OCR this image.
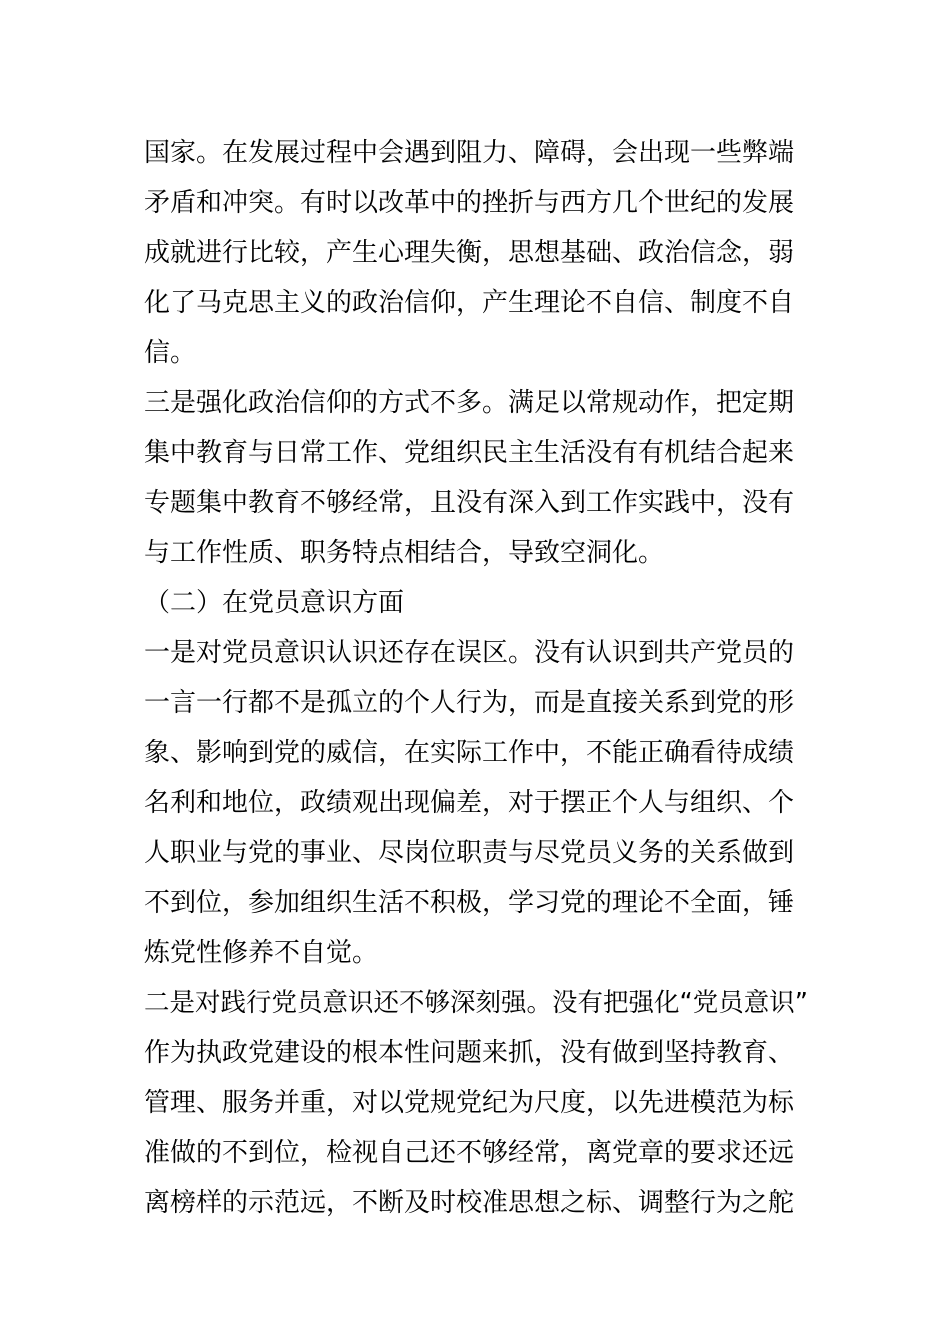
国家。在发展过程中会遇到阻力、障碍，会出现一些弊端
矛盾和冲突。有时以改革中的挫折与西方几个世纪的发展
成就进行比较，产生心理失衡，思想基础、政治信念，弱
化了马克思主义的政治信仰，产生理论不自信、制度不自
信。
三是强化政治信仰的方式不多。满足以常规动作，把定期
集中教育与日常工作、党组织民主生活没有有机结合起来
专题集中教育不够经常，且没有深入到工作实践中，没有
与工作性质、职务特点相结合，导致空洞化。
（二）在党员意识方面
一是对党员意识认识还存在误区。没有认识到共产党员的
一言一行都不是孤立的个人行为，而是直接关系到党的形
象、影响到党的威信，在实际工作中，不能正确看待成绩
名利和地位，政绩观出现偏差，对于摆正个人与组织、个
人职业与党的事业、尽岗位职责与尽党员义务的关系做到
不到位，参加组织生活不积极，学习党的理论不全面，锤
炼党性修养不自觉。
二是对践行党员意识还不够深刻强。没有把强化“党员意识”
作为执政党建设的根本性问题来抓，没有做到坚持教育、
管理、服务并重，对以党规党纪为尺度，以先进模范为标
准做的不到位，检视自己还不够经常，离党章的要求还远
离榜样的示范远，不断及时校准思想之标、调整行为之舵
